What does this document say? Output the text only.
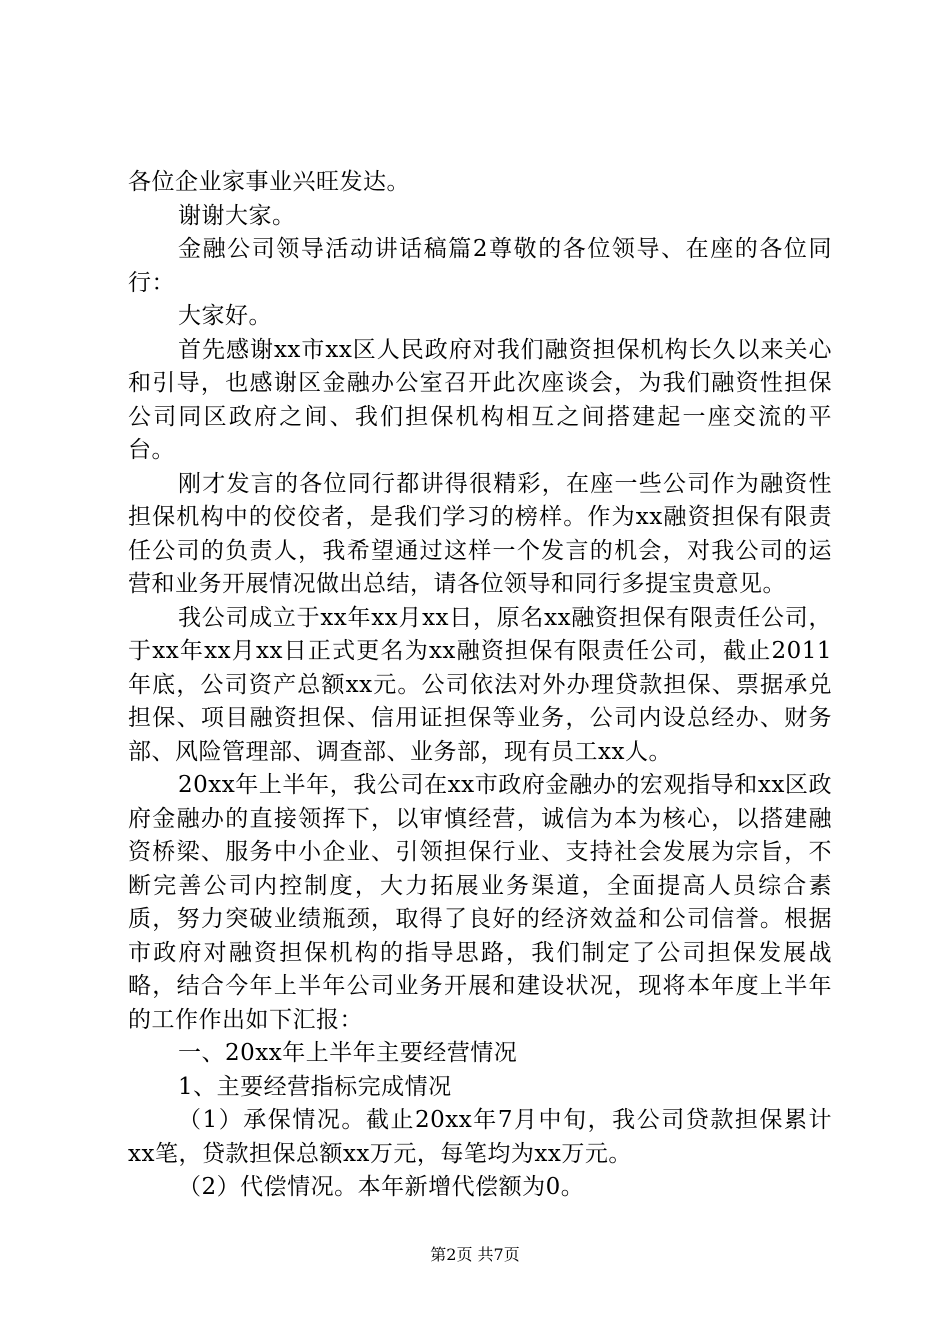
各位企业家事业兴旺发达。

谢谢大家。

金融公司领导活动讲话稿篇2尊敬的各位领导、在座的各位同行：

大家好。

首先感谢xx市xx区人民政府对我们融资担保机构长久以来关心和引导，也感谢区金融办公室召开此次座谈会，为我们融资性担保公司同区政府之间、我们担保机构相互之间搭建起一座交流的平台。

刚才发言的各位同行都讲得很精彩，在座一些公司作为融资性担保机构中的佼佼者，是我们学习的榜样。作为xx融资担保有限责任公司的负责人，我希望通过这样一个发言的机会，对我公司的运营和业务开展情况做出总结，请各位领导和同行多提宝贵意见。

我公司成立于xx年xx月xx日，原名xx融资担保有限责任公司，于xx年xx月xx日正式更名为xx融资担保有限责任公司，截止2011年底，公司资产总额xx元。公司依法对外办理贷款担保、票据承兑担保、项目融资担保、信用证担保等业务，公司内设总经办、财务部、风险管理部、调查部、业务部，现有员工xx人。

20xx年上半年，我公司在xx市政府金融办的宏观指导和xx区政府金融办的直接领挥下，以审慎经营，诚信为本为核心，以搭建融资桥梁、服务中小企业、引领担保行业、支持社会发展为宗旨，不断完善公司内控制度，大力拓展业务渠道，全面提高人员综合素质，努力突破业绩瓶颈，取得了良好的经济效益和公司信誉。根据市政府对融资担保机构的指导思路，我们制定了公司担保发展战略，结合今年上半年公司业务开展和建设状况，现将本年度上半年的工作作出如下汇报：

一、20xx年上半年主要经营情况

1、主要经营指标完成情况

（1）承保情况。截止20xx年7月中旬，我公司贷款担保累计xx笔，贷款担保总额xx万元，每笔均为xx万元。

（2）代偿情况。本年新增代偿额为0。

第2页 共7页
